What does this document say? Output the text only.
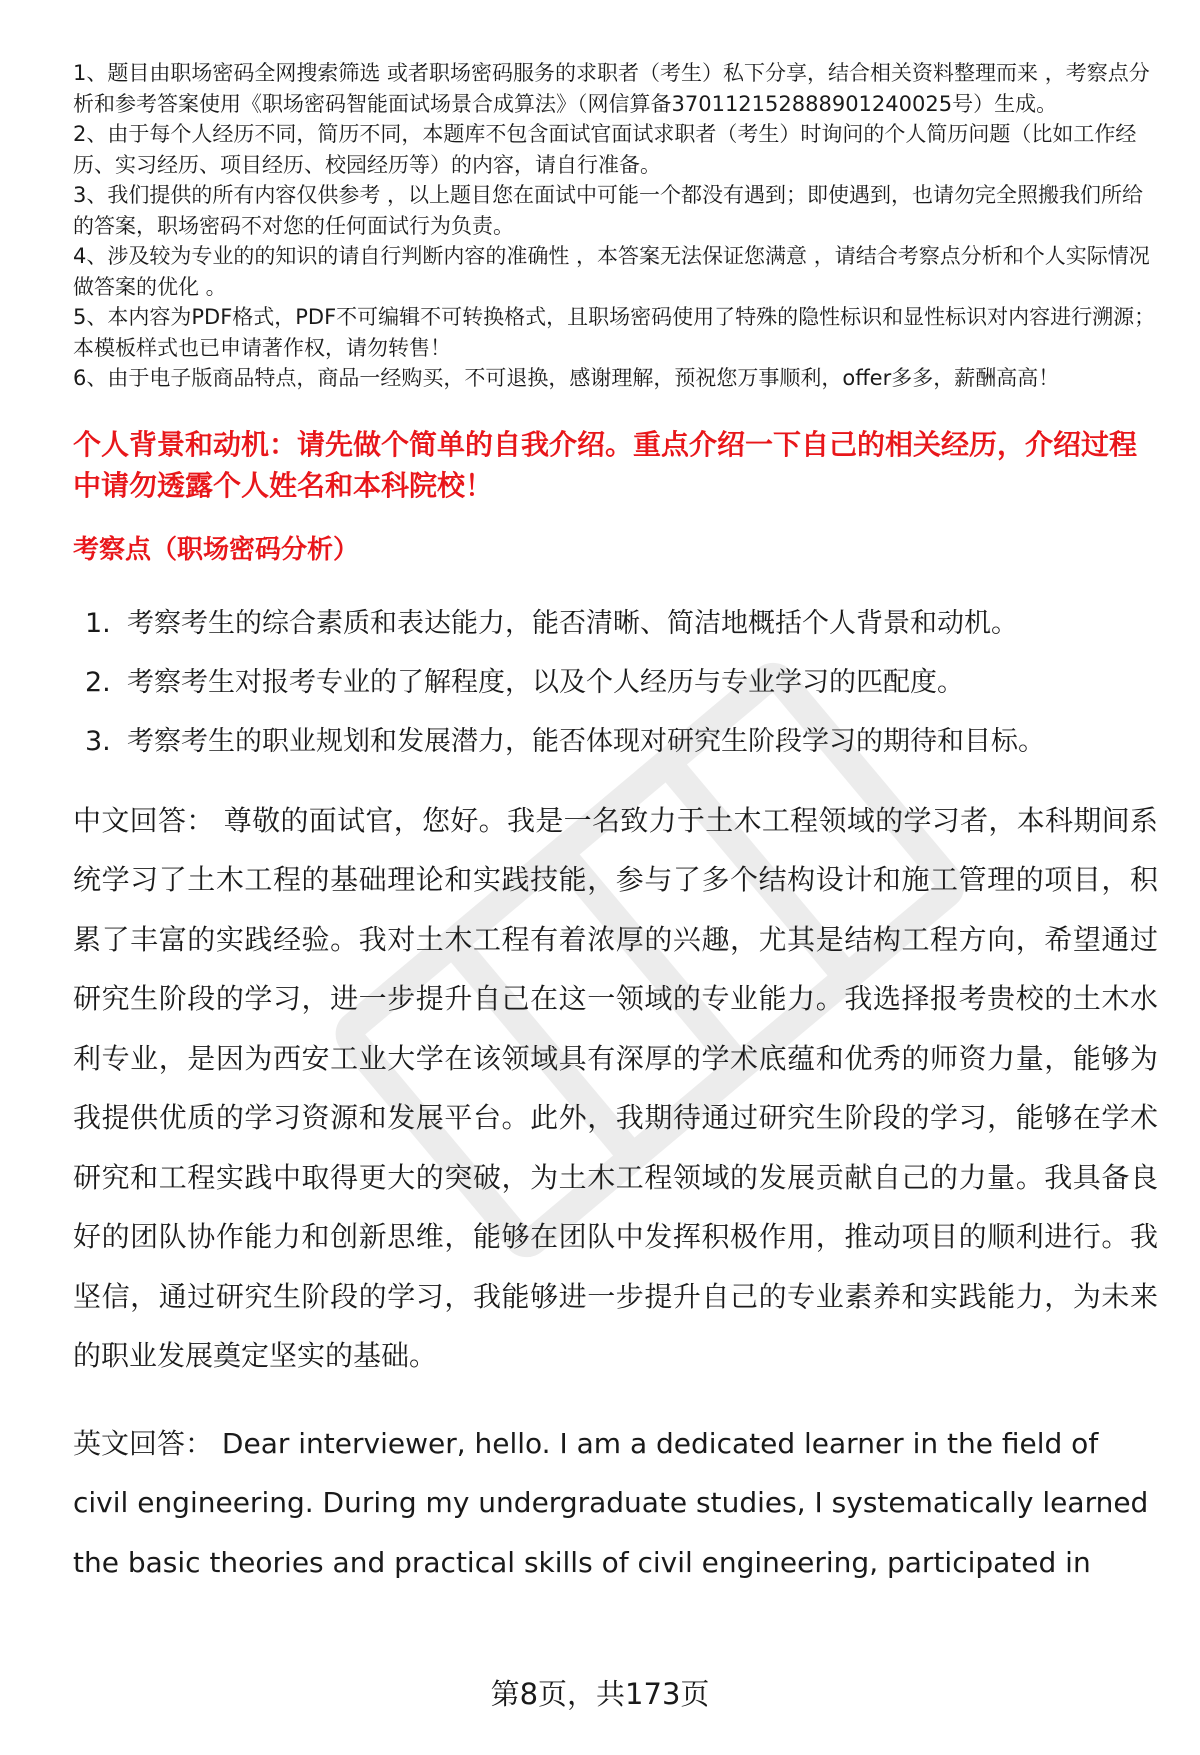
1、题目由职场密码全网搜索筛选 或者职场密码服务的求职者（考生）私下分享，结合相关资料整理而来 ，考察点分析和参考答案使用《职场密码智能面试场景合成算法》（网信算备370112152888901240025号）生成。

2、由于每个人经历不同，简历不同，本题库不包含面试官面试求职者（考生）时询问的个人简历问题（比如工作经历、实习经历、项目经历、校园经历等）的内容，请自行准备。

3、我们提供的所有内容仅供参考 ，以上题目您在面试中可能一个都没有遇到；即使遇到，也请勿完全照搬我们所给的答案，职场密码不对您的任何面试行为负责。

4、涉及较为专业的的知识的请自行判断内容的准确性 ，本答案无法保证您满意 ，请结合考察点分析和个人实际情况做答案的优化 。

5、本内容为PDF格式，PDF不可编辑不可转换格式，且职场密码使用了特殊的隐性标识和显性标识对内容进行溯源；本模板样式也已申请著作权，请勿转售！

6、由于电子版商品特点，商品一经购买，不可退换，感谢理解，预祝您万事顺利，offer多多，薪酬高高！

个人背景和动机：请先做个简单的自我介绍。重点介绍一下自己的相关经历，介绍过程中请勿透露个人姓名和本科院校！
考察点（职场密码分析）
1. 考察考生的综合素质和表达能力，能否清晰、简洁地概括个人背景和动机。
2. 考察考生对报考专业的了解程度，以及个人经历与专业学习的匹配度。
3. 考察考生的职业规划和发展潜力，能否体现对研究生阶段学习的期待和目标。

中文回答： 尊敬的面试官，您好。我是一名致力于土木工程领域的学习者，本科期间系统学习了土木工程的基础理论和实践技能，参与了多个结构设计和施工管理的项目，积累了丰富的实践经验。我对土木工程有着浓厚的兴趣，尤其是结构工程方向，希望通过研究生阶段的学习，进一步提升自己在这一领域的专业能力。我选择报考贵校的土木水利专业，是因为西安工业大学在该领域具有深厚的学术底蕴和优秀的师资力量，能够为我提供优质的学习资源和发展平台。此外，我期待通过研究生阶段的学习，能够在学术研究和工程实践中取得更大的突破，为土木工程领域的发展贡献自己的力量。我具备良好的团队协作能力和创新思维，能够在团队中发挥积极作用，推动项目的顺利进行。我坚信，通过研究生阶段的学习，我能够进一步提升自己的专业素养和实践能力，为未来的职业发展奠定坚实的基础。

英文回答： Dear interviewer, hello. I am a dedicated learner in the field of civil engineering. During my undergraduate studies, I systematically learned the basic theories and practical skills of civil engineering, participated in

第8页，共173页
